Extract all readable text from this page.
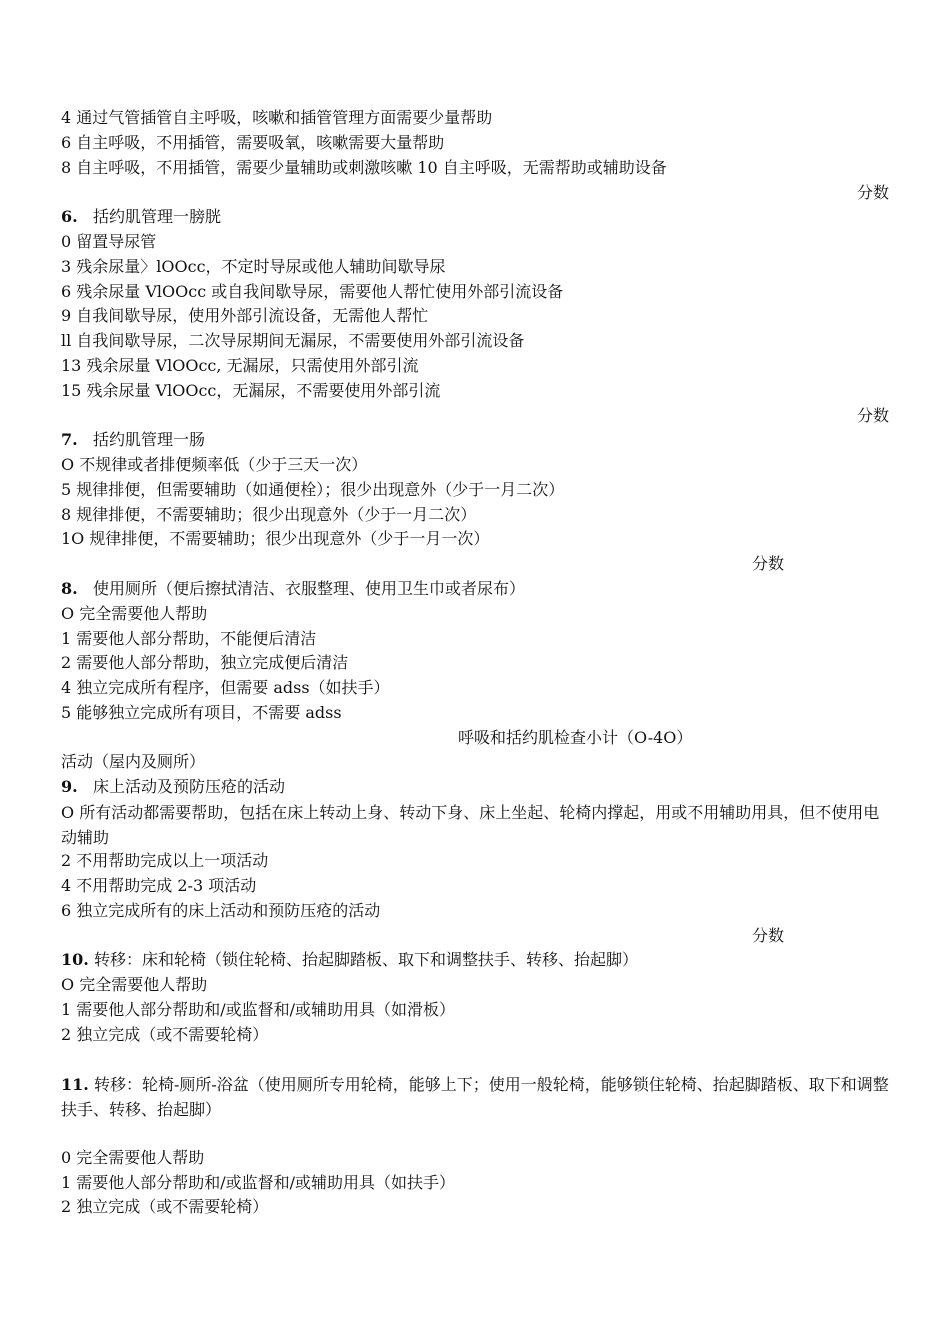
4 通过气管插管自主呼吸，咳嗽和插管管理方面需要少量帮助
6 自主呼吸，不用插管，需要吸氧，咳嗽需要大量帮助
8 自主呼吸，不用插管，需要少量辅助或刺激咳嗽 10 自主呼吸，无需帮助或辅助设备
分数
6. 括约肌管理一膀胱
0 留置导尿管
3 残余尿量〉lOOcc，不定时导尿或他人辅助间歇导尿
6 残余尿量 VlOOcc 或自我间歇导尿，需要他人帮忙使用外部引流设备
9 自我间歇导尿，使用外部引流设备，无需他人帮忙
ll 自我间歇导尿，二次导尿期间无漏尿，不需要使用外部引流设备
13 残余尿量 VlOOcc, 无漏尿，只需使用外部引流
15 残余尿量 VlOOcc，无漏尿，不需要使用外部引流
分数
7. 括约肌管理一肠
O 不规律或者排便频率低（少于三天一次）
5 规律排便，但需要辅助（如通便栓）；很少出现意外（少于一月二次）
8 规律排便，不需要辅助；很少出现意外（少于一月二次）
1O 规律排便，不需要辅助；很少出现意外（少于一月一次）
分数
8. 使用厕所（便后擦拭清洁、衣服整理、使用卫生巾或者尿布）
O 完全需要他人帮助
1 需要他人部分帮助，不能便后清洁
2 需要他人部分帮助，独立完成便后清洁
4 独立完成所有程序，但需要 adss（如扶手）
5 能够独立完成所有项目，不需要 adss
呼吸和括约肌检查小计（O-4O）
活动（屋内及厕所）
9. 床上活动及预防压疮的活动
O 所有活动都需要帮助，包括在床上转动上身、转动下身、床上坐起、轮椅内撑起，用或不用辅助用具，但不使用电动辅助
2 不用帮助完成以上一项活动
4 不用帮助完成 2-3 项活动
6 独立完成所有的床上活动和预防压疮的活动
分数
10. 转移：床和轮椅（锁住轮椅、抬起脚踏板、取下和调整扶手、转移、抬起脚）
O 完全需要他人帮助
1 需要他人部分帮助和/或监督和/或辅助用具（如滑板）
2 独立完成（或不需要轮椅）
11. 转移：轮椅-厕所-浴盆（使用厕所专用轮椅，能够上下；使用一般轮椅，能够锁住轮椅、抬起脚踏板、取下和调整扶手、转移、抬起脚）
0 完全需要他人帮助
1 需要他人部分帮助和/或监督和/或辅助用具（如扶手）
2 独立完成（或不需要轮椅）
